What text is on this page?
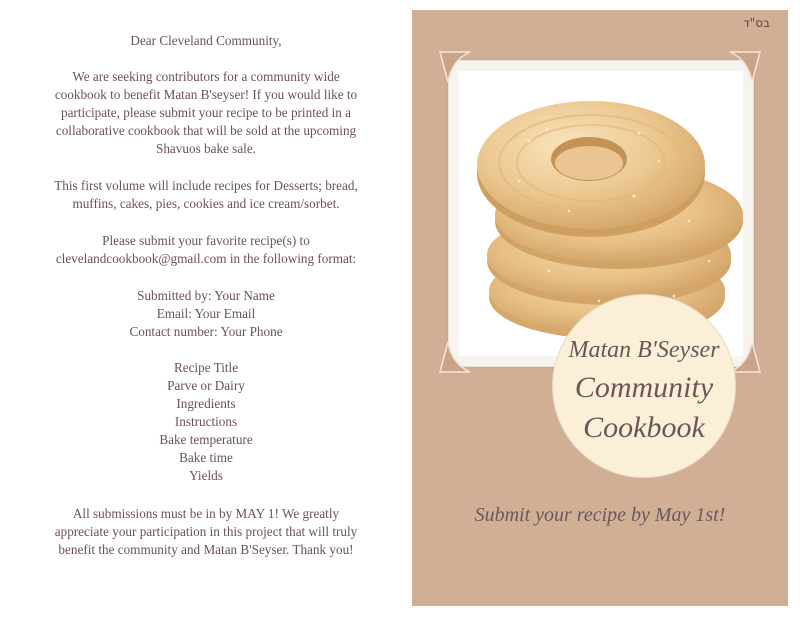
Dear Cleveland Community,

We are seeking contributors for a community wide
cookbook to benefit Matan B'seyser! If you would like to
participate, please submit your recipe to be printed in a
collaborative cookbook that will be sold at the upcoming
Shavuos bake sale.

This first volume will include recipes for Desserts; bread,
muffins, cakes, pies, cookies and ice cream/sorbet.

Please submit your favorite recipe(s) to
clevelandcookbook@gmail.com in the following format:

Submitted by: Your Name
Email: Your Email
Contact number: Your Phone

Recipe Title
Parve or Dairy
Ingredients
Instructions
Bake temperature
Bake time
Yields

All submissions must be in by MAY 1! We greatly
appreciate your participation in this project that will truly
benefit the community and Matan B'Seyser. Thank you!

בס"ד
Matan B'Seyser
Community
Cookbook
Submit your recipe by May 1st!
